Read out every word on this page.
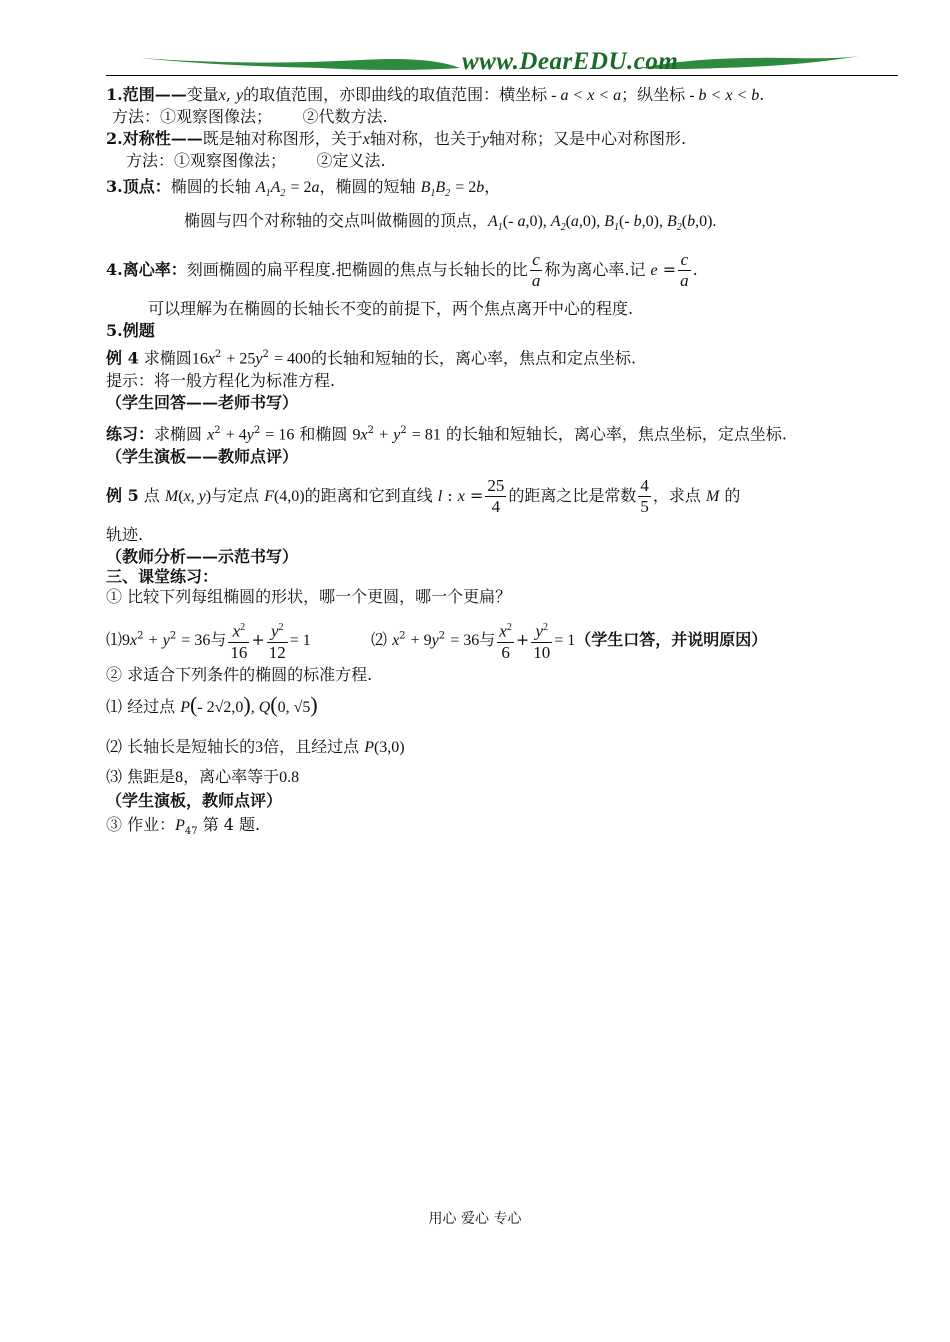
www.DearEDU.com
1.范围——变量x, y的取值范围，亦即曲线的取值范围：横坐标 - a < x < a；纵坐标 - b < x < b.
方法：①观察图像法；      ②代数方法.
2.对称性——既是轴对称图形，关于x轴对称，也关于y轴对称；又是中心对称图形.
方法：①观察图像法；      ②定义法.
3.顶点：椭圆的长轴 $A_1A_2 = 2a$，椭圆的短轴 $B_1B_2 = 2b$，
椭圆与四个对称轴的交点叫做椭圆的顶点，$A_1(-$ a,0), $A_2(a,0)$, $B_1(-$ b,0), $B_2(b,0)$.
4.离心率：刻画椭圆的扁平程度.把椭圆的焦点与长轴长的比 $\frac{c}{a}$ 称为离心率.记 $e = \frac{c}{a}$ .
可以理解为在椭圆的长轴长不变的前提下，两个焦点离开中心的程度.
5.例题
例 4 求椭圆$16x^2 + 25y^2 = 400$的长轴和短轴的长，离心率，焦点和定点坐标.
提示：将一般方程化为标准方程.
（学生回答——老师书写）
练习：求椭圆 $x^2 + 4y^2 = 16$ 和椭圆 $9x^2 + y^2 = 81$ 的长轴和短轴长，离心率，焦点坐标，定点坐标.
（学生演板——教师点评）
例 5 点 M(x, y)与定点 F(4,0)的距离和它到直线 l : $x = \frac{25}{4}$ 的距离之比是常数 $\frac{4}{5}$ ，求点 M 的
轨迹.
（教师分析——示范书写）
三、课堂练习：
① 比较下列每组椭圆的形状，哪一个更圆，哪一个更扁？
$⑴9x^2 + y^2 = 36$与 $\frac{x^2}{16} + \frac{y^2}{12} = 1$	⑵ $x^2 + 9y^2 = 36$与 $\frac{x^2}{6} + \frac{y^2}{10} = 1$（学生口答，并说明原因）
② 求适合下列条件的椭圆的标准方程.
⑴ 经过点 P(- 2√2,0), Q(0, √5)
⑵ 长轴长是短轴长的3倍，且经过点 P(3,0)
⑶ 焦距是8，离心率等于0.8
（学生演板，教师点评）
③ 作业：$P_{47}$ 第 4 题.
用心 爱心 专心
